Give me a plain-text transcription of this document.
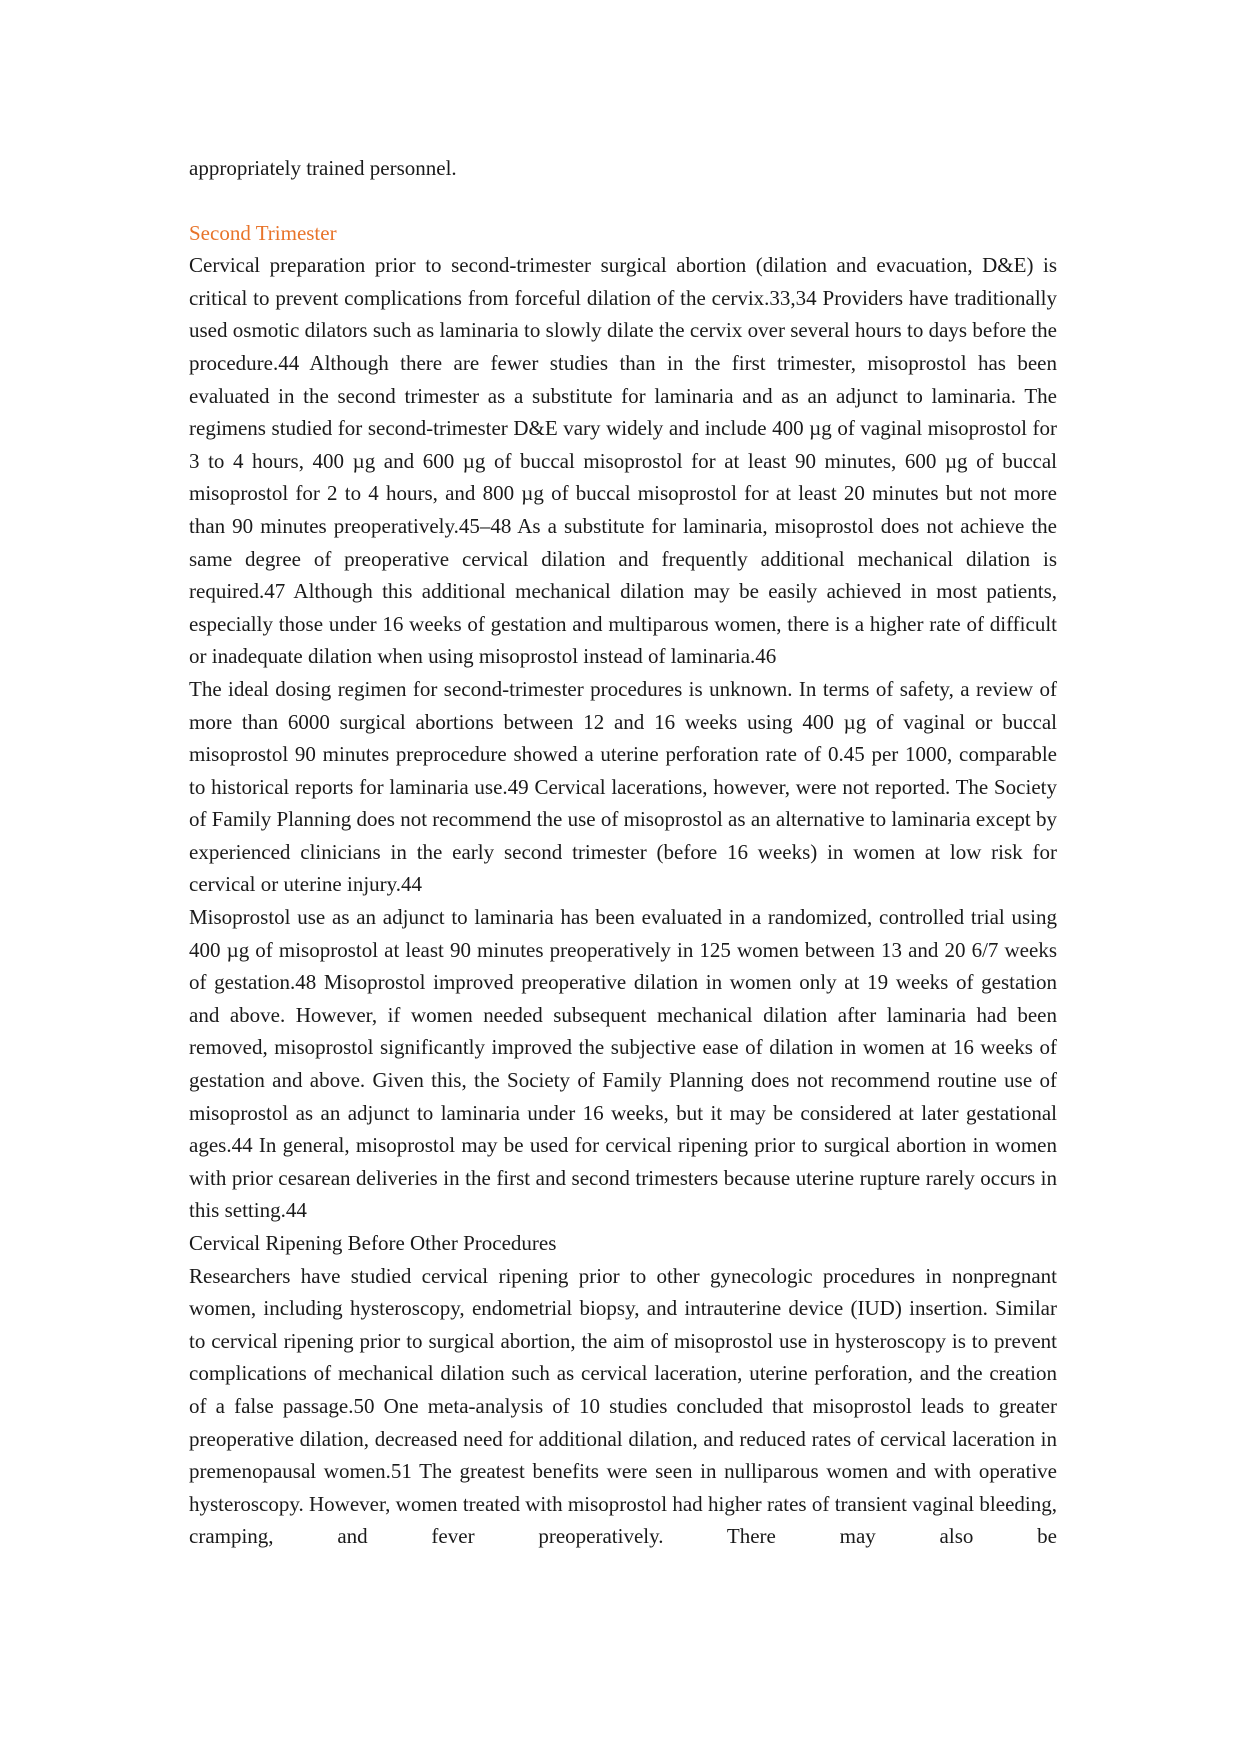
appropriately trained personnel.

Second Trimester

Cervical preparation prior to second-trimester surgical abortion (dilation and evacuation, D&E) is critical to prevent complications from forceful dilation of the cervix.33,34 Providers have traditionally used osmotic dilators such as laminaria to slowly dilate the cervix over several hours to days before the procedure.44 Although there are fewer studies than in the first trimester, misoprostol has been evaluated in the second trimester as a substitute for laminaria and as an adjunct to laminaria. The regimens studied for second-trimester D&E vary widely and include 400 µg of vaginal misoprostol for 3 to 4 hours, 400 µg and 600 µg of buccal misoprostol for at least 90 minutes, 600 µg of buccal misoprostol for 2 to 4 hours, and 800 µg of buccal misoprostol for at least 20 minutes but not more than 90 minutes preoperatively.45–48 As a substitute for laminaria, misoprostol does not achieve the same degree of preoperative cervical dilation and frequently additional mechanical dilation is required.47 Although this additional mechanical dilation may be easily achieved in most patients, especially those under 16 weeks of gestation and multiparous women, there is a higher rate of difficult or inadequate dilation when using misoprostol instead of laminaria.46

The ideal dosing regimen for second-trimester procedures is unknown. In terms of safety, a review of more than 6000 surgical abortions between 12 and 16 weeks using 400 µg of vaginal or buccal misoprostol 90 minutes preprocedure showed a uterine perforation rate of 0.45 per 1000, comparable to historical reports for laminaria use.49 Cervical lacerations, however, were not reported. The Society of Family Planning does not recommend the use of misoprostol as an alternative to laminaria except by experienced clinicians in the early second trimester (before 16 weeks) in women at low risk for cervical or uterine injury.44

Misoprostol use as an adjunct to laminaria has been evaluated in a randomized, controlled trial using 400 µg of misoprostol at least 90 minutes preoperatively in 125 women between 13 and 20 6/7 weeks of gestation.48 Misoprostol improved preoperative dilation in women only at 19 weeks of gestation and above. However, if women needed subsequent mechanical dilation after laminaria had been removed, misoprostol significantly improved the subjective ease of dilation in women at 16 weeks of gestation and above. Given this, the Society of Family Planning does not recommend routine use of misoprostol as an adjunct to laminaria under 16 weeks, but it may be considered at later gestational ages.44 In general, misoprostol may be used for cervical ripening prior to surgical abortion in women with prior cesarean deliveries in the first and second trimesters because uterine rupture rarely occurs in this setting.44

Cervical Ripening Before Other Procedures

Researchers have studied cervical ripening prior to other gynecologic procedures in nonpregnant women, including hysteroscopy, endometrial biopsy, and intrauterine device (IUD) insertion. Similar to cervical ripening prior to surgical abortion, the aim of misoprostol use in hysteroscopy is to prevent complications of mechanical dilation such as cervical laceration, uterine perforation, and the creation of a false passage.50 One meta-analysis of 10 studies concluded that misoprostol leads to greater preoperative dilation, decreased need for additional dilation, and reduced rates of cervical laceration in premenopausal women.51 The greatest benefits were seen in nulliparous women and with operative hysteroscopy. However, women treated with misoprostol had higher rates of transient vaginal bleeding, cramping, and fever preoperatively. There may also be
